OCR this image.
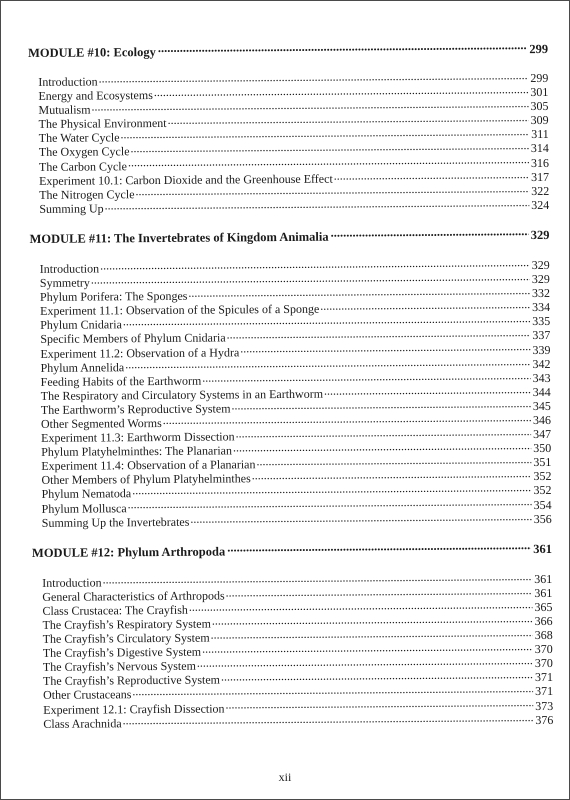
MODULE #10: Ecology .....	299
Introduction .....	299
Energy and Ecosystems .....	301
Mutualism .....	305
The Physical Environment .....	309
The Water Cycle .....	311
The Oxygen Cycle .....	314
The Carbon Cycle .....	316
Experiment 10.1: Carbon Dioxide and the Greenhouse Effect .....	317
The Nitrogen Cycle .....	322
Summing Up .....	324
MODULE #11: The Invertebrates of Kingdom Animalia .....	329
Introduction .....	329
Symmetry .....	329
Phylum Porifera: The Sponges .....	332
Experiment 11.1: Observation of the Spicules of a Sponge .....	334
Phylum Cnidaria .....	335
Specific Members of Phylum Cnidaria .....	337
Experiment 11.2: Observation of a Hydra .....	339
Phylum Annelida .....	342
Feeding Habits of the Earthworm .....	343
The Respiratory and Circulatory Systems in an Earthworm .....	344
The Earthworm’s Reproductive System .....	345
Other Segmented Worms .....	346
Experiment 11.3: Earthworm Dissection .....	347
Phylum Platyhelminthes: The Planarian .....	350
Experiment 11.4: Observation of a Planarian .....	351
Other Members of Phylum Platyhelminthes .....	352
Phylum Nematoda .....	352
Phylum Mollusca .....	354
Summing Up the Invertebrates .....	356
MODULE #12: Phylum Arthropoda .....	361
Introduction .....	361
General Characteristics of Arthropods .....	361
Class Crustacea: The Crayfish .....	365
The Crayfish’s Respiratory System .....	366
The Crayfish’s Circulatory System .....	368
The Crayfish’s Digestive System .....	370
The Crayfish’s Nervous System .....	370
The Crayfish’s Reproductive System .....	371
Other Crustaceans .....	371
Experiment 12.1: Crayfish Dissection .....	373
Class Arachnida .....	376
xii
